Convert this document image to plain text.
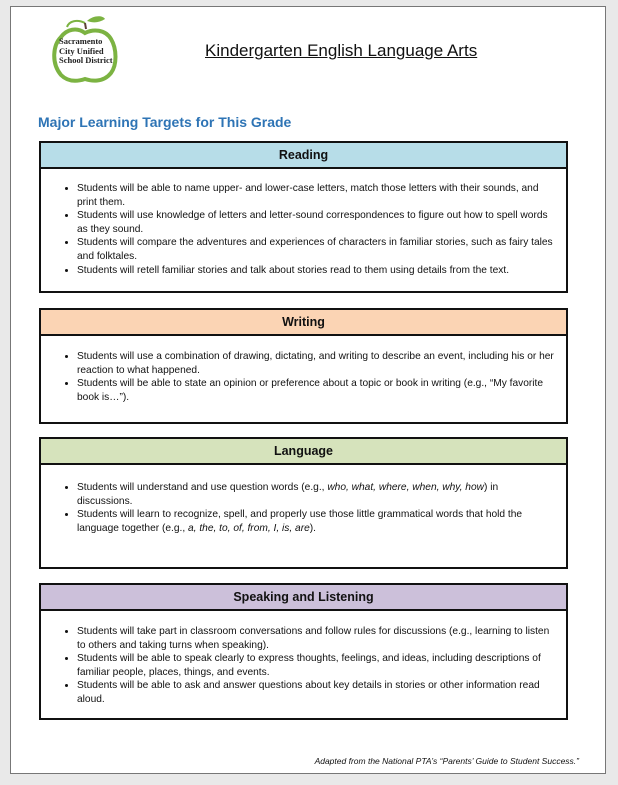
Sacramento
City Unified
School District	Kindergarten English Language Arts
Major Learning Targets for This Grade
Reading
• Students will be able to name upper- and lower-case letters, match those letters with their sounds, and print them.
• Students will use knowledge of letters and letter-sound correspondences to figure out how to spell words as they sound.
• Students will compare the adventures and experiences of characters in familiar stories, such as fairy tales and folktales.
• Students will retell familiar stories and talk about stories read to them using details from the text.
Writing
• Students will use a combination of drawing, dictating, and writing to describe an event, including his or her reaction to what happened.
• Students will be able to state an opinion or preference about a topic or book in writing (e.g., “My favorite book is…”).
Language
• Students will understand and use question words (e.g., who, what, where, when, why, how) in discussions.
• Students will learn to recognize, spell, and properly use those little grammatical words that hold the language together (e.g., a, the, to, of, from, I, is, are).
Speaking and Listening
• Students will take part in classroom conversations and follow rules for discussions (e.g., learning to listen to others and taking turns when speaking).
• Students will be able to speak clearly to express thoughts, feelings, and ideas, including descriptions of familiar people, places, things, and events.
• Students will be able to ask and answer questions about key details in stories or other information read aloud.
Adapted from the National PTA’s “Parents’ Guide to Student Success.”
